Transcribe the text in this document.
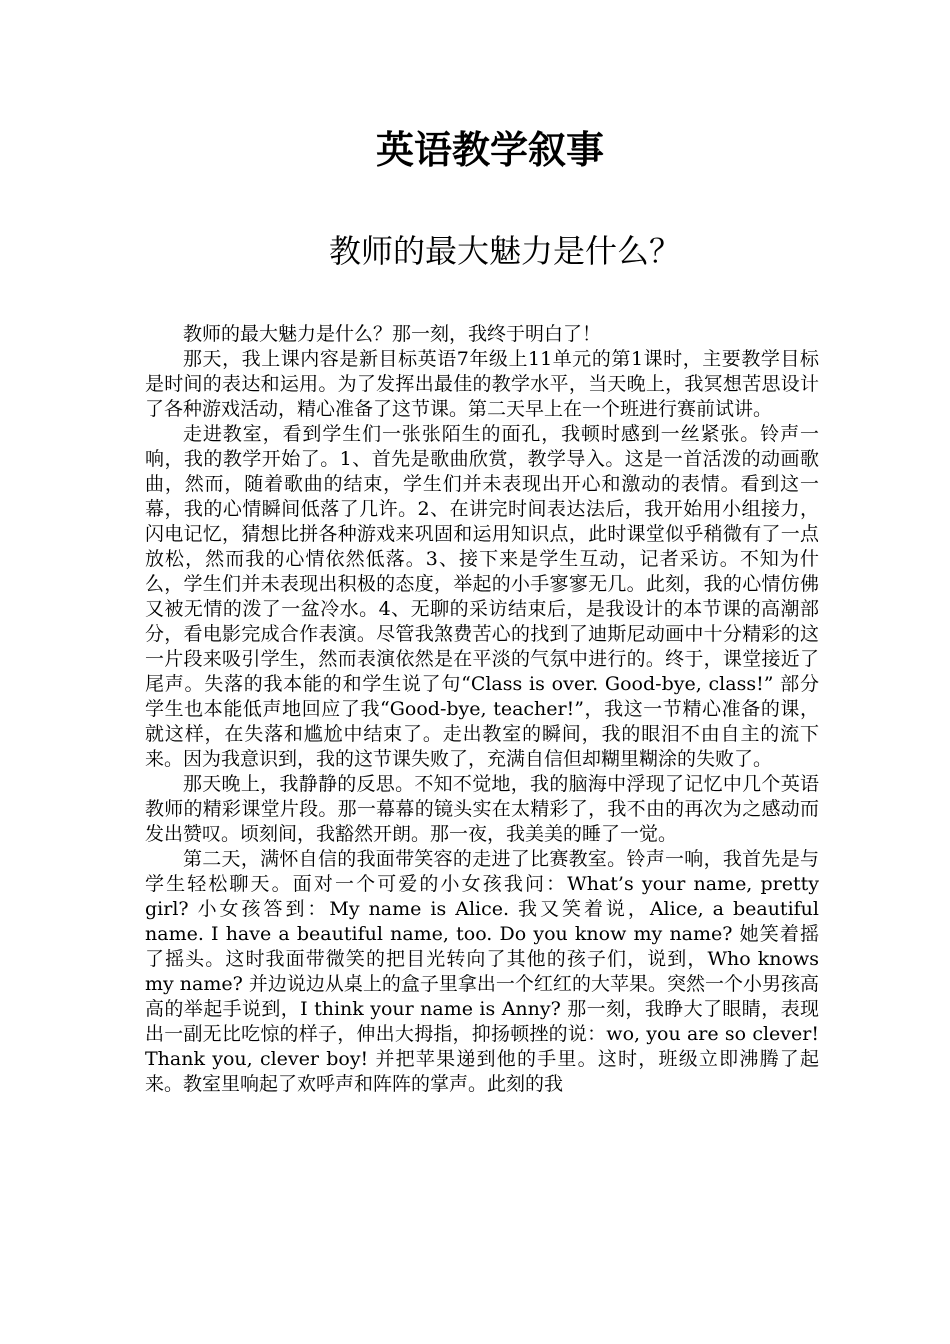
英语教学叙事
教师的最大魅力是什么？

教师的最大魅力是什么？那一刻，我终于明白了！

那天，我上课内容是新目标英语7年级上11单元的第1课时，主要教学目标是时间的表达和运用。为了发挥出最佳的教学水平，当天晚上，我冥想苦思设计了各种游戏活动，精心准备了这节课。第二天早上在一个班进行赛前试讲。

走进教室，看到学生们一张张陌生的面孔，我顿时感到一丝紧张。铃声一响，我的教学开始了。1、首先是歌曲欣赏，教学导入。这是一首活泼的动画歌曲，然而，随着歌曲的结束，学生们并未表现出开心和激动的表情。看到这一幕，我的心情瞬间低落了几许。2、在讲完时间表达法后，我开始用小组接力，闪电记忆，猜想比拼各种游戏来巩固和运用知识点，此时课堂似乎稍微有了一点放松，然而我的心情依然低落。3、接下来是学生互动，记者采访。不知为什么，学生们并未表现出积极的态度，举起的小手寥寥无几。此刻，我的心情仿佛又被无情的泼了一盆冷水。4、无聊的采访结束后，是我设计的本节课的高潮部分，看电影完成合作表演。尽管我煞费苦心的找到了迪斯尼动画中十分精彩的这一片段来吸引学生，然而表演依然是在平淡的气氛中进行的。终于，课堂接近了尾声。失落的我本能的和学生说了句“Class is over. Good-bye, class!” 部分学生也本能低声地回应了我“Good-bye, teacher!”，我这一节精心准备的课，就这样，在失落和尴尬中结束了。走出教室的瞬间，我的眼泪不由自主的流下来。因为我意识到，我的这节课失败了，充满自信但却糊里糊涂的失败了。

那天晚上，我静静的反思。不知不觉地，我的脑海中浮现了记忆中几个英语教师的精彩课堂片段。那一幕幕的镜头实在太精彩了，我不由的再次为之感动而发出赞叹。顷刻间，我豁然开朗。那一夜，我美美的睡了一觉。

第二天，满怀自信的我面带笑容的走进了比赛教室。铃声一响，我首先是与学生轻松聊天。面对一个可爱的小女孩我问：What’s your name, pretty girl? 小女孩答到：My name is Alice. 我又笑着说，Alice, a beautiful name. I have a beautiful name, too. Do you know my name? 她笑着摇了摇头。这时我面带微笑的把目光转向了其他的孩子们，说到，Who knows my name? 并边说边从桌上的盒子里拿出一个红红的大苹果。突然一个小男孩高高的举起手说到，I think your name is Anny? 那一刻，我睁大了眼睛，表现出一副无比吃惊的样子，伸出大拇指，抑扬顿挫的说：wo, you are so clever! Thank you, clever boy! 并把苹果递到他的手里。这时，班级立即沸腾了起来。教室里响起了欢呼声和阵阵的掌声。此刻的我
